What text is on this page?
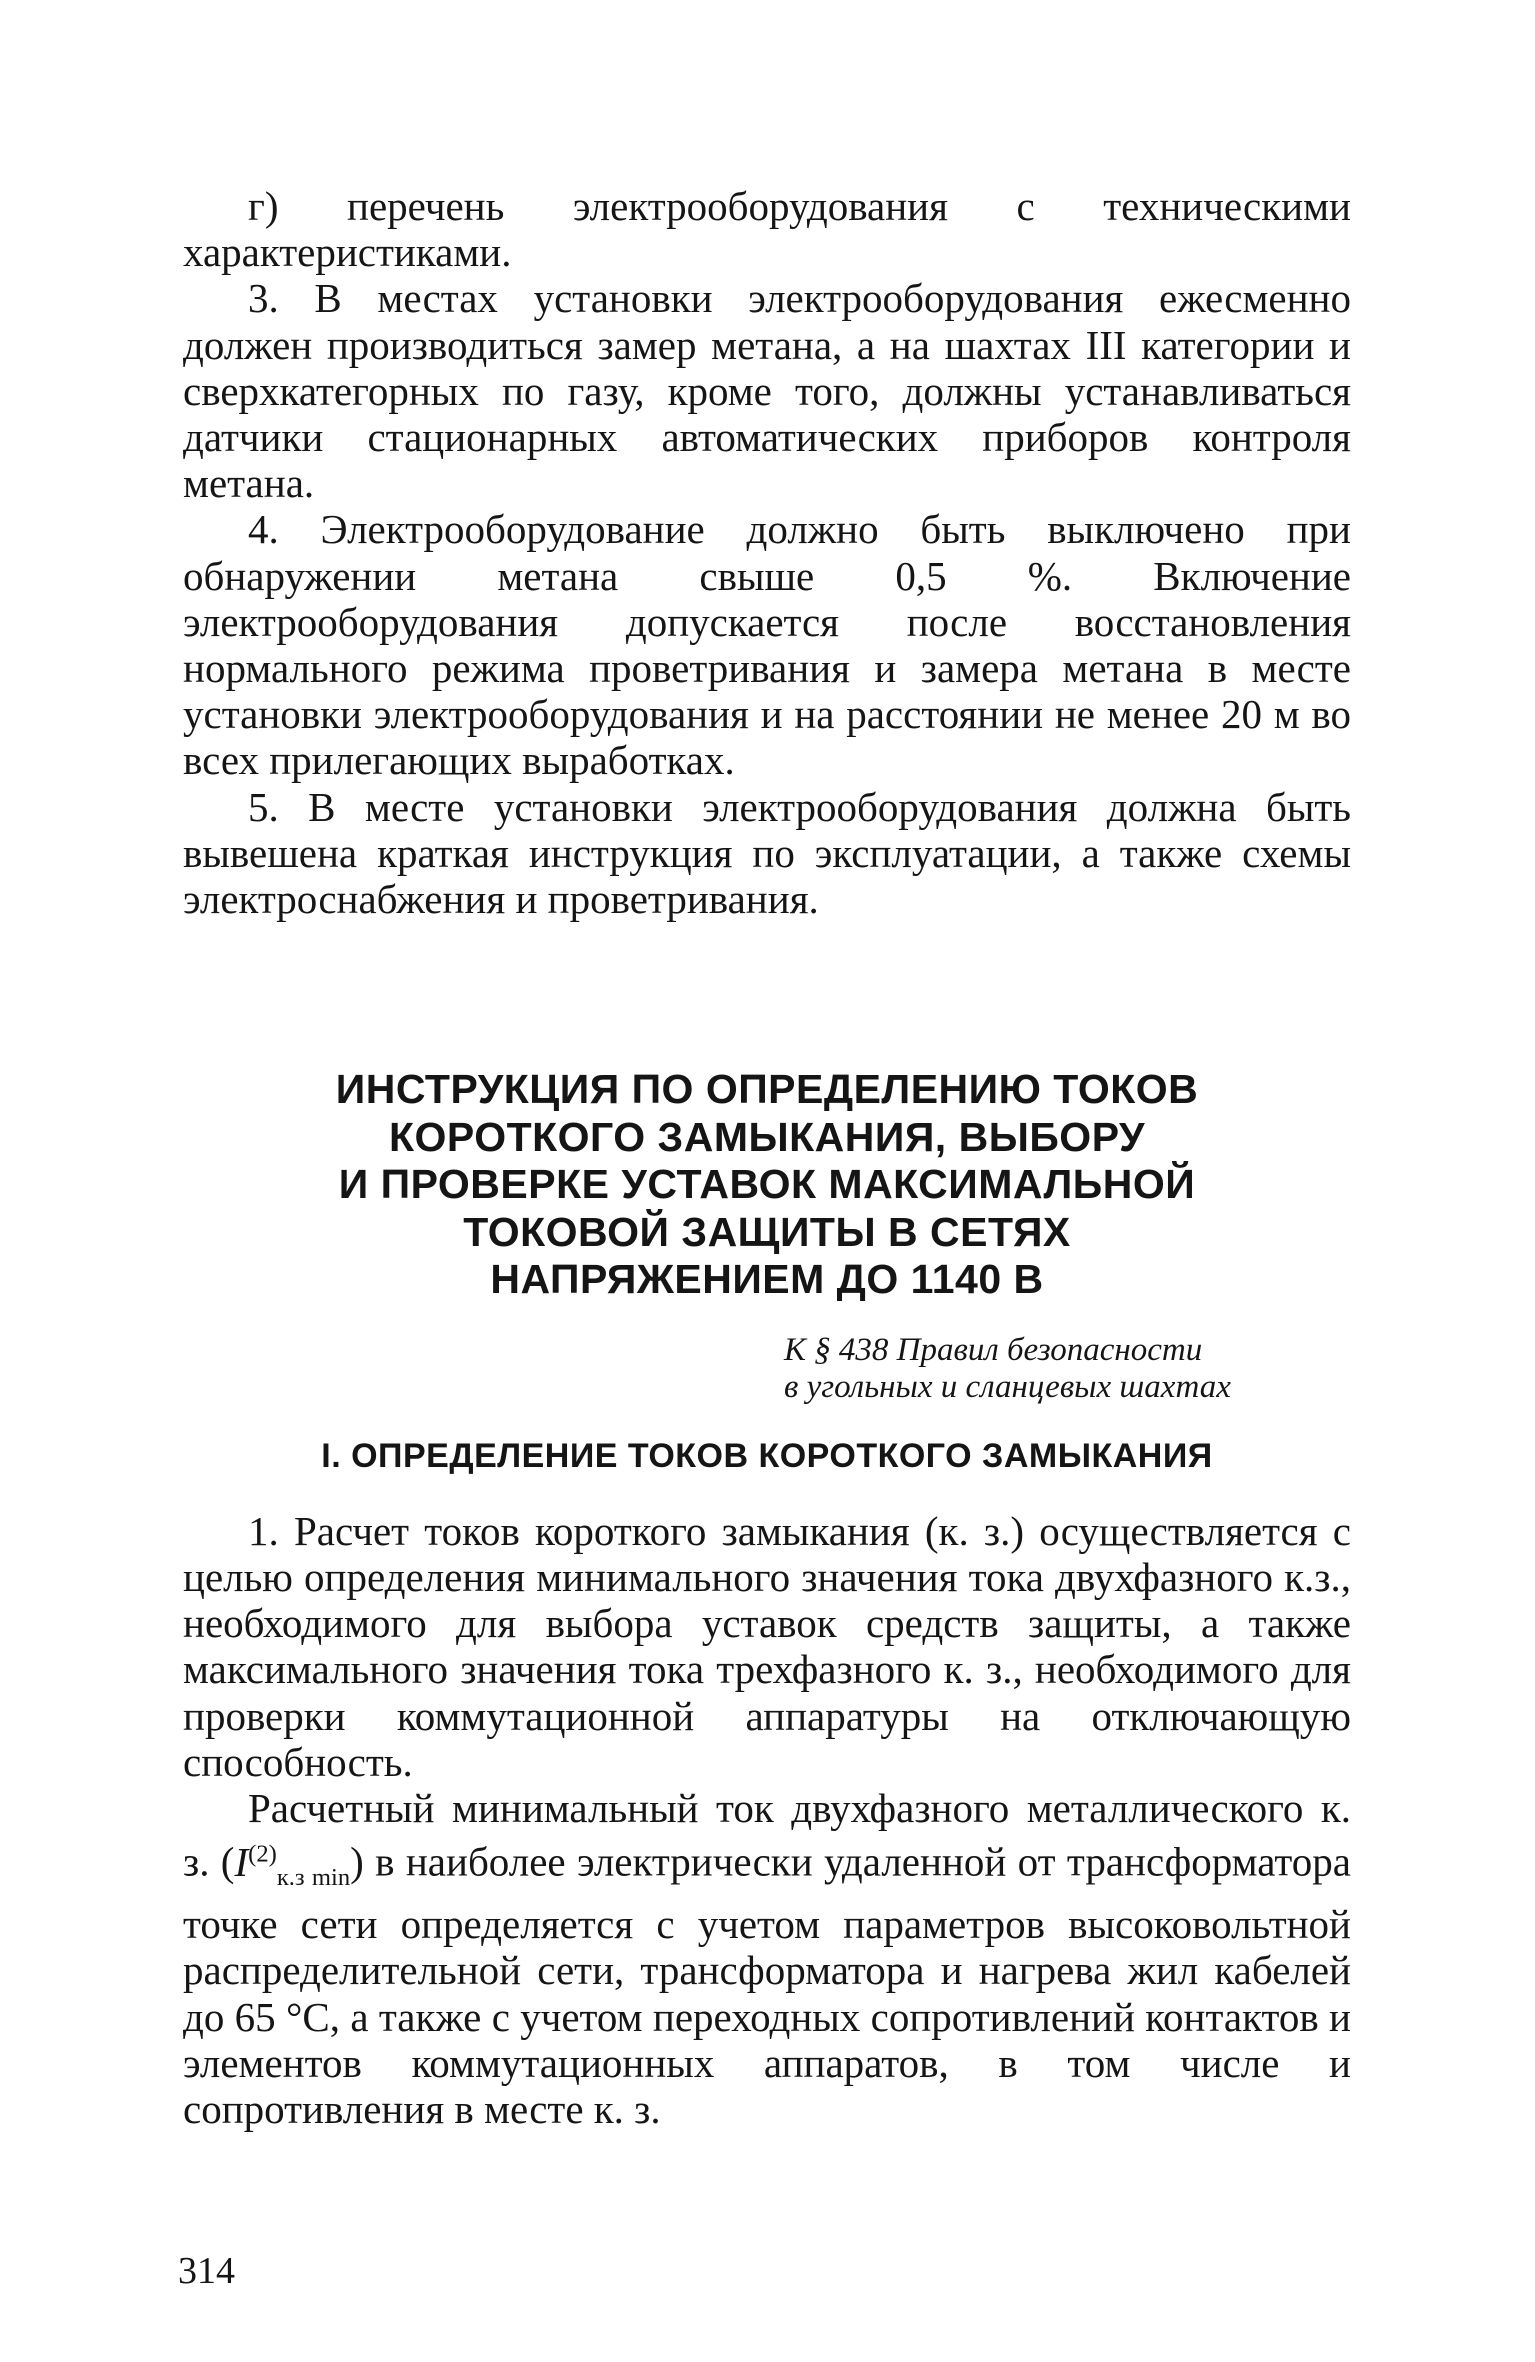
г) перечень электрооборудования с техническими характеристиками.

3. В местах установки электрооборудования ежесменно должен производиться замер метана, а на шахтах III категории и сверхкатегорных по газу, кроме того, должны устанавливаться датчики стационарных автоматических приборов контроля метана.

4. Электрооборудование должно быть выключено при обнаружении метана свыше 0,5 %. Включение электрооборудования допускается после восстановления нормального режима проветривания и замера метана в месте установки электрооборудования и на расстоянии не менее 20 м во всех прилегающих выработках.

5. В месте установки электрооборудования должна быть вывешена краткая инструкция по эксплуатации, а также схемы электроснабжения и проветривания.

ИНСТРУКЦИЯ ПО ОПРЕДЕЛЕНИЮ ТОКОВ
КОРОТКОГО ЗАМЫКАНИЯ, ВЫБОРУ
И ПРОВЕРКЕ УСТАВОК МАКСИМАЛЬНОЙ
ТОКОВОЙ ЗАЩИТЫ В СЕТЯХ
НАПРЯЖЕНИЕМ ДО 1140 В
К § 438 Правил безопасности
в угольных и сланцевых шахтах
I. ОПРЕДЕЛЕНИЕ ТОКОВ КОРОТКОГО ЗАМЫКАНИЯ

1. Расчет токов короткого замыкания (к. з.) осуществляется с целью определения минимального значения тока двухфазного к.з., необходимого для выбора уставок средств защиты, а также максимального значения тока трехфазного к. з., необходимого для проверки коммутационной аппаратуры на отключающую способность.

Расчетный минимальный ток двухфазного металлического к. з. $(I^{(2)}_{к.з min})$ в наиболее электрически удаленной от трансформатора точке сети определяется с учетом параметров высоковольтной распределительной сети, трансформатора и нагрева жил кабелей до 65 °С, а также с учетом переходных сопротивлений контактов и элементов коммутационных аппаратов, в том числе и сопротивления в месте к. з.

314
